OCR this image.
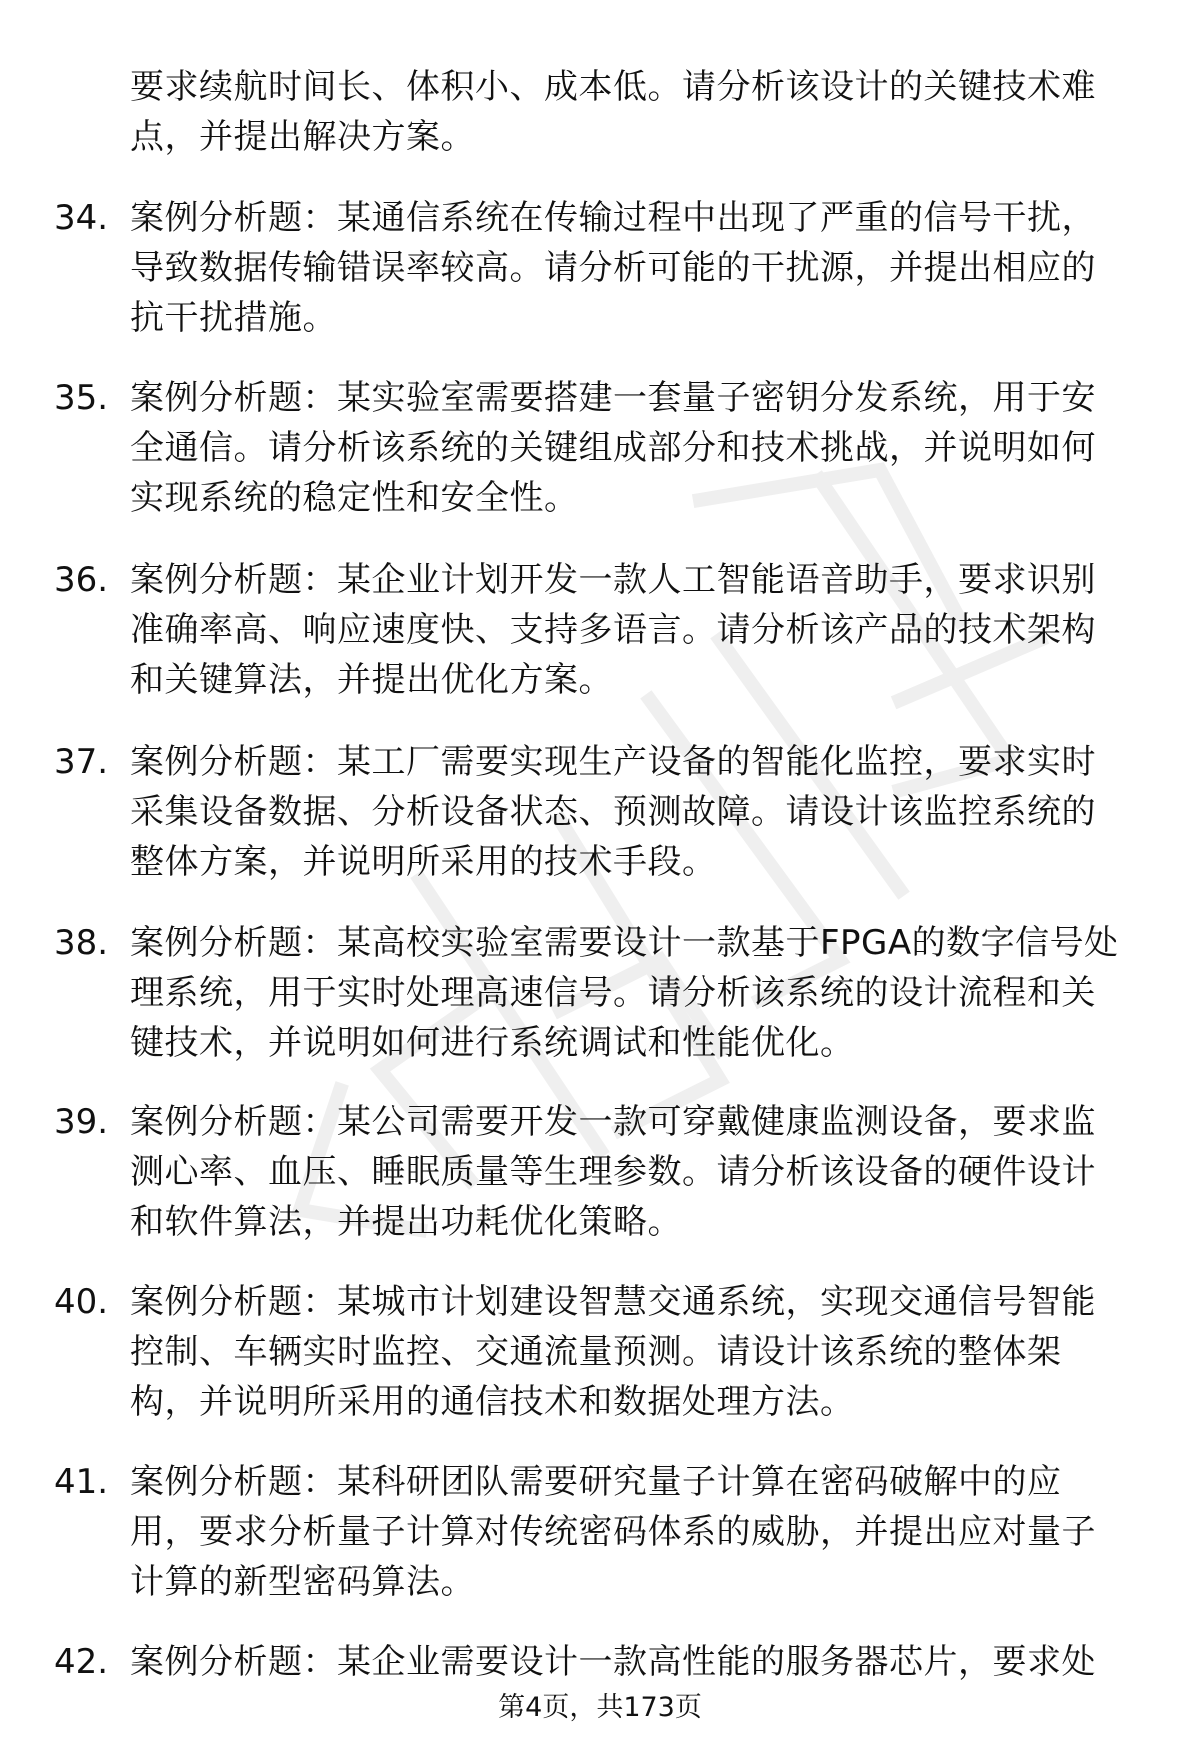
要求续航时间长、体积小、成本低。请分析该设计的关键技术难
点，并提出解决方案。
34. 案例分析题：某通信系统在传输过程中出现了严重的信号干扰，
导致数据传输错误率较高。请分析可能的干扰源，并提出相应的
抗干扰措施。
35. 案例分析题：某实验室需要搭建一套量子密钥分发系统，用于安
全通信。请分析该系统的关键组成部分和技术挑战，并说明如何
实现系统的稳定性和安全性。
36. 案例分析题：某企业计划开发一款人工智能语音助手，要求识别
准确率高、响应速度快、支持多语言。请分析该产品的技术架构
和关键算法，并提出优化方案。
37. 案例分析题：某工厂需要实现生产设备的智能化监控，要求实时
采集设备数据、分析设备状态、预测故障。请设计该监控系统的
整体方案，并说明所采用的技术手段。
38. 案例分析题：某高校实验室需要设计一款基于FPGA的数字信号处
理系统，用于实时处理高速信号。请分析该系统的设计流程和关
键技术，并说明如何进行系统调试和性能优化。
39. 案例分析题：某公司需要开发一款可穿戴健康监测设备，要求监
测心率、血压、睡眠质量等生理参数。请分析该设备的硬件设计
和软件算法，并提出功耗优化策略。
40. 案例分析题：某城市计划建设智慧交通系统，实现交通信号智能
控制、车辆实时监控、交通流量预测。请设计该系统的整体架
构，并说明所采用的通信技术和数据处理方法。
41. 案例分析题：某科研团队需要研究量子计算在密码破解中的应
用，要求分析量子计算对传统密码体系的威胁，并提出应对量子
计算的新型密码算法。
42. 案例分析题：某企业需要设计一款高性能的服务器芯片，要求处
第4页，共173页
